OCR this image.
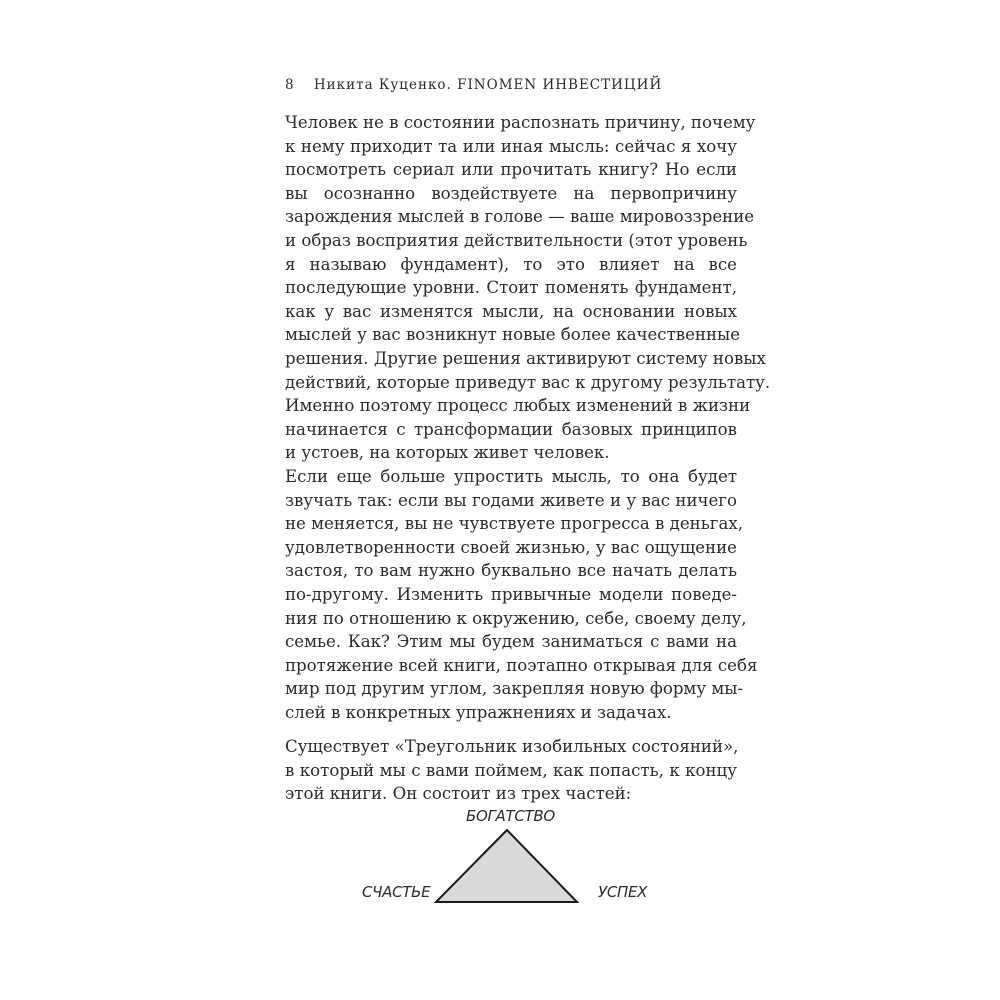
8 Никита Куценко. FINOMEN ИНВЕСТИЦИЙ
Человек не в состоянии распознать причину, почему
к нему приходит та или иная мысль: сейчас я хочу
посмотреть сериал или прочитать книгу? Но если
вы осознанно воздействуете на первопричину
зарождения мыслей в голове — ваше мировоззрение
и образ восприятия действительности (этот уровень
я называю фундамент), то это влияет на все
последующие уровни. Стоит поменять фундамент,
как у вас изменятся мысли, на основании новых
мыслей у вас возникнут новые более качественные
решения. Другие решения активируют систему новых
действий, которые приведут вас к другому результату.
Именно поэтому процесс любых изменений в жизни
начинается с трансформации базовых принципов
и устоев, на которых живет человек.
Если еще больше упростить мысль, то она будет
звучать так: если вы годами живете и у вас ничего
не меняется, вы не чувствуете прогресса в деньгах,
удовлетворенности своей жизнью, у вас ощущение
застоя, то вам нужно буквально все начать делать
по-другому. Изменить привычные модели поведе-
ния по отношению к окружению, себе, своему делу,
семье. Как? Этим мы будем заниматься с вами на
протяжение всей книги, поэтапно открывая для себя
мир под другим углом, закрепляя новую форму мы-
слей в конкретных упражнениях и задачах.
Существует «Треугольник изобильных состояний»,
в который мы с вами поймем, как попасть, к концу
этой книги. Он состоит из трех частей:
БОГАТСТВО
СЧАСТЬЕ	УСПЕХ
